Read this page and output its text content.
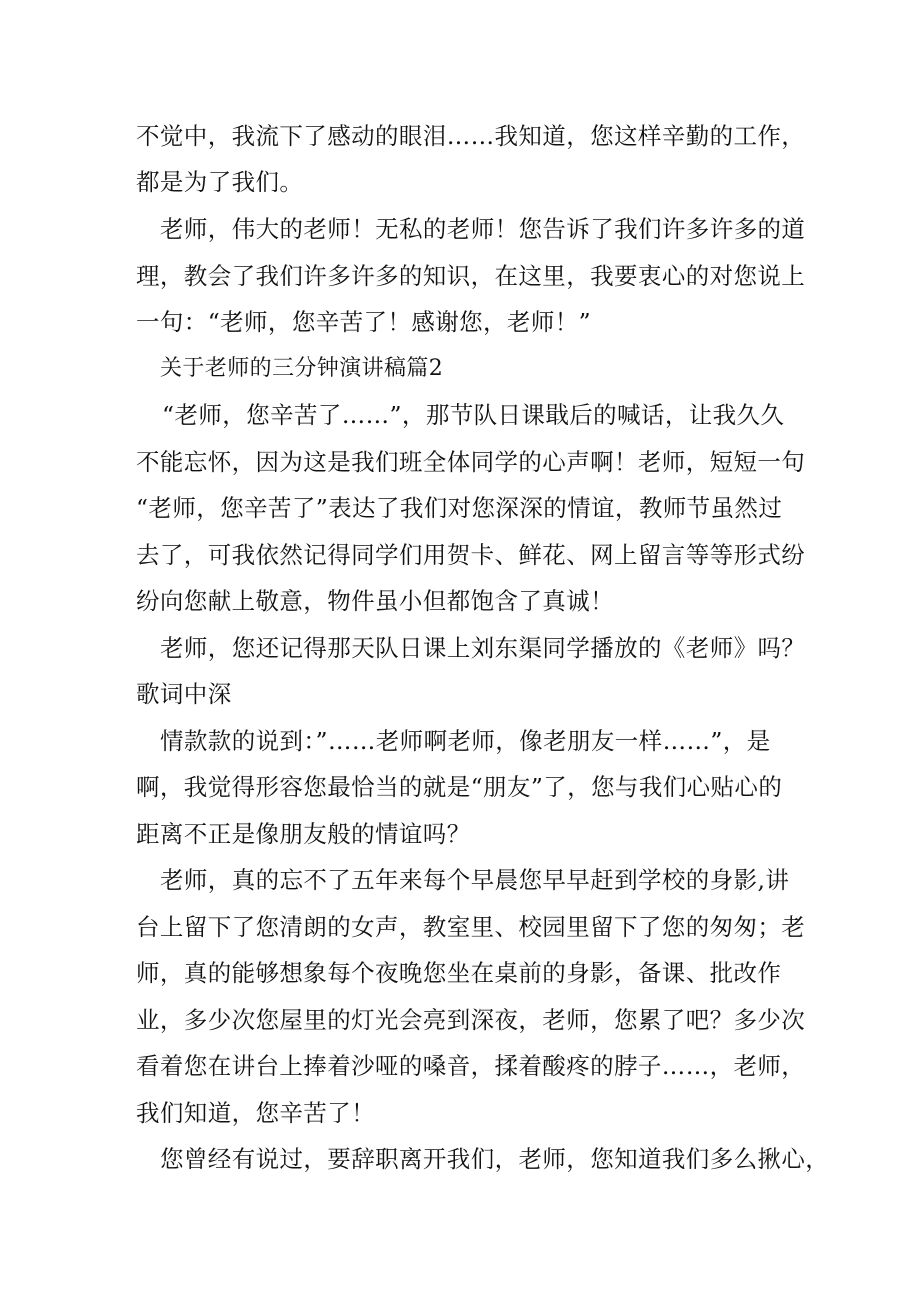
不觉中，我流下了感动的眼泪……我知道，您这样辛勤的工作，
都是为了我们。
老师，伟大的老师！无私的老师！您告诉了我们许多许多的道
理，教会了我们许多许多的知识，在这里，我要衷心的对您说上
一句：“老师，您辛苦了！感谢您，老师！”
关于老师的三分钟演讲稿篇2
“老师，您辛苦了……”，那节队日课戢后的喊话，让我久久
不能忘怀，因为这是我们班全体同学的心声啊！老师，短短一句
“老师，您辛苦了”表达了我们对您深深的情谊，教师节虽然过
去了，可我依然记得同学们用贺卡、鲜花、网上留言等等形式纷
纷向您献上敬意，物件虽小但都饱含了真诚！
老师，您还记得那天队日课上刘东渠同学播放的《老师》吗？
歌词中深
情款款的说到：”……老师啊老师，像老朋友一样……”，是
啊，我觉得形容您最恰当的就是“朋友”了，您与我们心贴心的
距离不正是像朋友般的情谊吗？
老师，真的忘不了五年来每个早晨您早早赶到学校的身影,讲
台上留下了您清朗的女声，教室里、校园里留下了您的匆匆；老
师，真的能够想象每个夜晚您坐在桌前的身影，备课、批改作
业，多少次您屋里的灯光会亮到深夜，老师，您累了吧？多少次
看着您在讲台上捧着沙哑的嗓音，揉着酸疼的脖子……，老师，
我们知道，您辛苦了！
您曾经有说过，要辞职离开我们，老师，您知道我们多么揪心，
